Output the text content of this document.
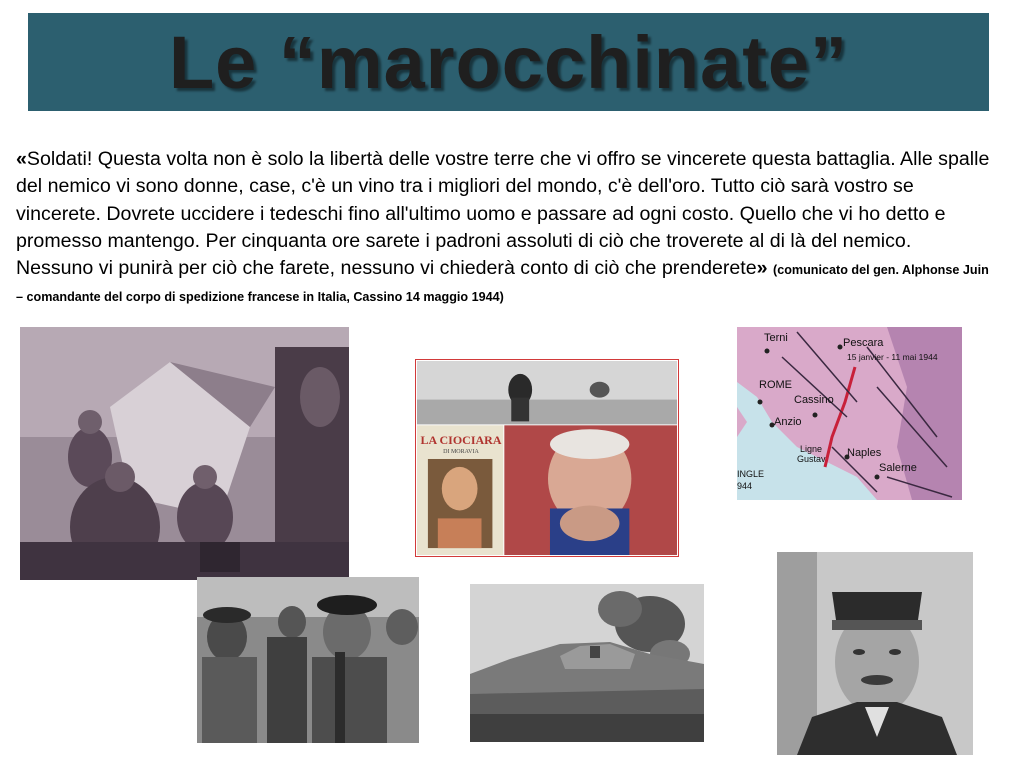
Le “marocchinate”
«Soldati! Questa volta non è solo la libertà delle vostre terre che vi offro se vincerete questa battaglia. Alle spalle del nemico vi sono donne, case, c'è un vino tra i migliori del mondo, c'è dell'oro. Tutto ciò sarà vostro se vincerete. Dovrete uccidere i tedeschi fino all'ultimo uomo e passare ad ogni costo. Quello che vi ho detto e promesso mantengo. Per cinquanta ore sarete i padroni assoluti di ciò che troverete al di là del nemico. Nessuno vi punirà per ciò che farete, nessuno vi chiederà conto di ciò che prenderete» (comunicato del gen. Alphonse Juin – comandante del corpo di spedizione francese in Italia, Cassino 14 maggio 1944)
LA CIOCIARA
DI MORAVIA
Terni	Pescara
15 janvier - 11 mai 1944
ROME
Cassino
Anzio
Ligne
Gustav Naples
Salerne
INGLE
944
